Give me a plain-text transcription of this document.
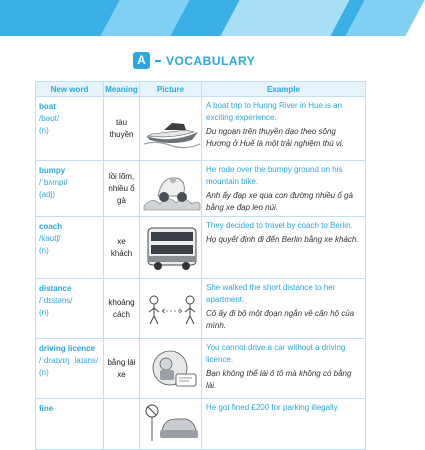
A	VOCABULARY
New word	Meaning	Picture	Example

boat
/bəʊt/
(n)	tàu thuyền		A boat trip to Huong River in Hue is an exciting experience.
Du ngoạn trên thuyền dạo theo sông Hương ở Huế là một trải nghiệm thú vị.

bumpy
/ˈbʌmpi/
(adj)	lồi lõm, nhiều ổ gà		He rode over the bumpy ground on his mountain bike.
Anh ấy đạp xe qua con đường nhiều ổ gà bằng xe đạp leo núi.

coach
/kəʊtʃ/
(n)	xe khách		They decided to travel by coach to Berlin.
Họ quyết định đi đến Berlin bằng xe khách.

distance
/ˈdɪstəns/
(n)	khoảng cách		She walked the short distance to her apartment.
Cô ấy đi bộ một đoạn ngắn về căn hộ của mình.

driving licence
/ˈdraɪvɪŋ ˌlaɪsns/
(n)	bằng lái xe		You cannot drive a car without a driving licence.
Bạn không thể lái ô tô mà không có bằng lái.

fine			He got fined £200 for parking illegally.
